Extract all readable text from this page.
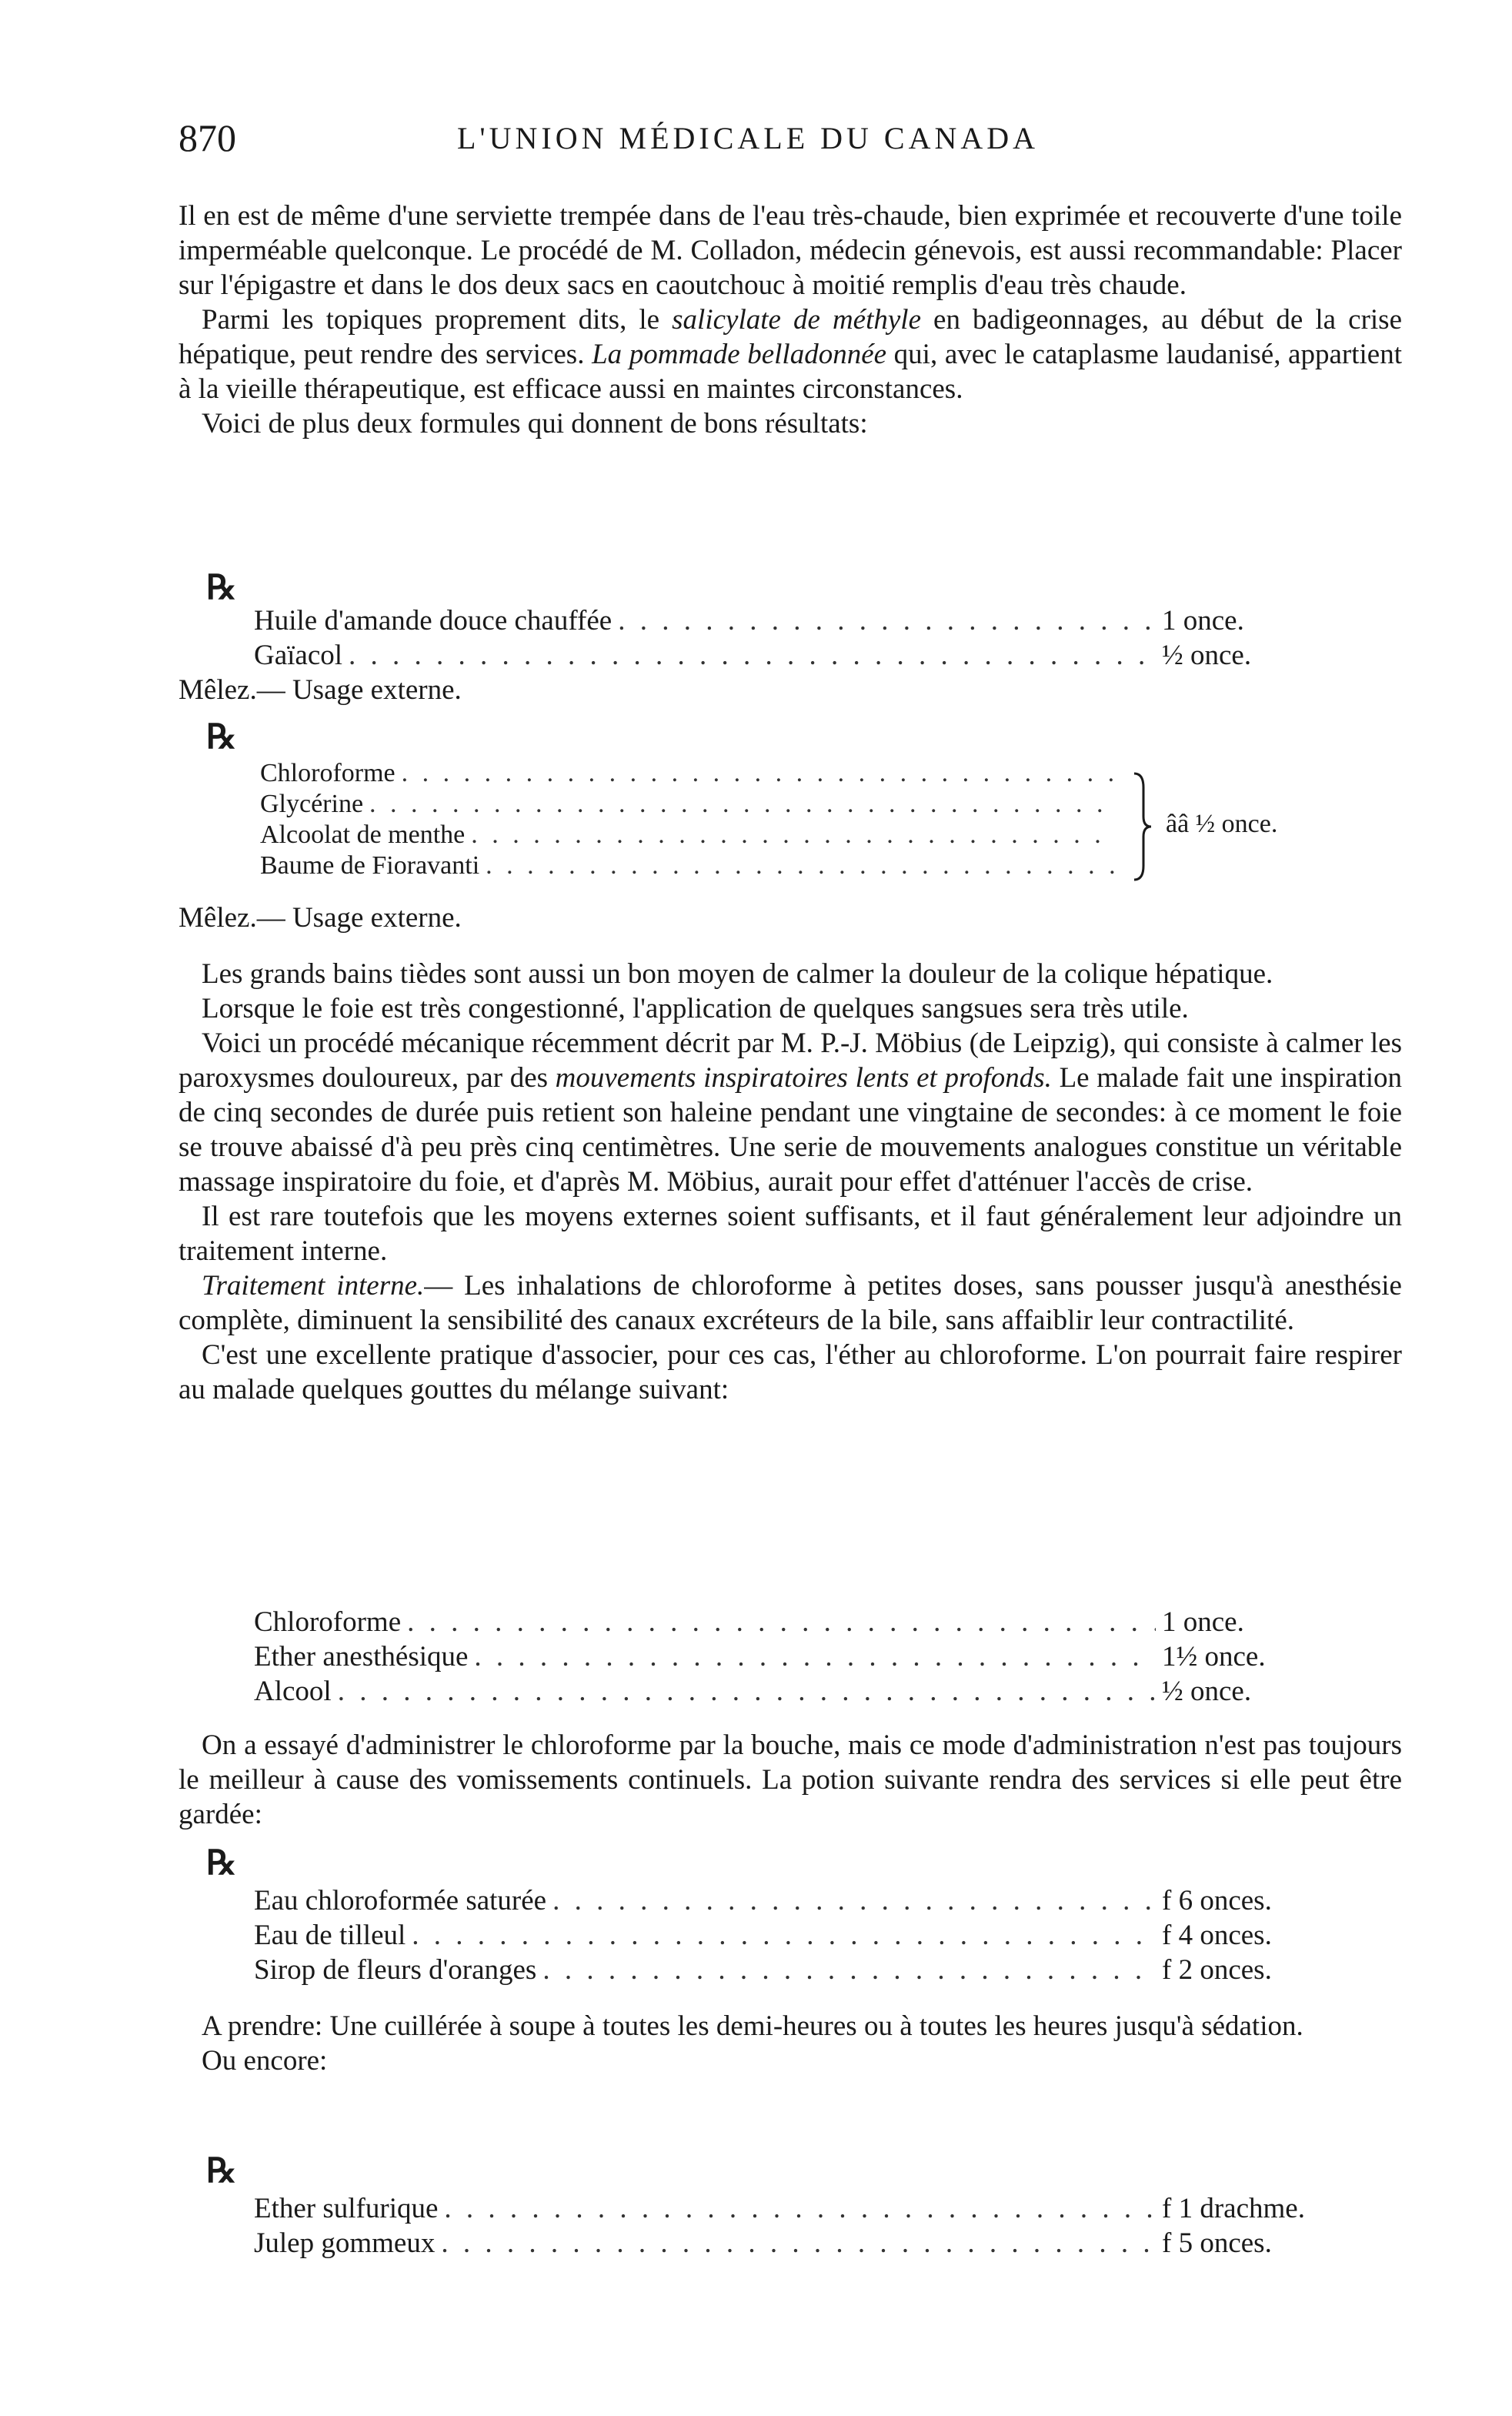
870	L'UNION MÉDICALE DU CANADA

Il en est de même d'une serviette trempée dans de l'eau très-chaude, bien exprimée et recouverte d'une toile imperméable quelconque. Le procédé de M. Colladon, médecin génevois, est aussi recommandable: Placer sur l'épigastre et dans le dos deux sacs en caoutchouc à moitié remplis d'eau très chaude.

Parmi les topiques proprement dits, le salicylate de méthyle en badigeonnages, au début de la crise hépatique, peut rendre des services. La pommade belladonnée qui, avec le cataplasme laudanisé, appartient à la vieille thérapeutique, est efficace aussi en maintes circonstances.

Voici de plus deux formules qui donnent de bons résultats:

℞
Huile d'amande douce chauffée . . .	1 once.
Gaïacol . . .	½ once.
Mêlez.— Usage externe.
℞
Chloroforme
. . .
Glycérine
. . .
Alcoolat de menthe
. . .
Baume de Fioravanti
. . .
ââ ½ once.
Mêlez.— Usage externe.

Les grands bains tièdes sont aussi un bon moyen de calmer la douleur de la colique hépatique.

Lorsque le foie est très congestionné, l'application de quelques sangsues sera très utile.

Voici un procédé mécanique récemment décrit par M. P.-J. Möbius (de Leipzig), qui consiste à calmer les paroxysmes douloureux, par des mouvements inspiratoires lents et profonds. Le malade fait une inspiration de cinq secondes de durée puis retient son haleine pendant une vingtaine de secondes: à ce moment le foie se trouve abaissé d'à peu près cinq centimètres. Une serie de mouvements analogues constitue un véritable massage inspiratoire du foie, et d'après M. Möbius, aurait pour effet d'atténuer l'accès de crise.

Il est rare toutefois que les moyens externes soient suffisants, et il faut généralement leur adjoindre un traitement interne.

Traitement interne.— Les inhalations de chloroforme à petites doses, sans pousser jusqu'à anesthésie complète, diminuent la sensibilité des canaux excréteurs de la bile, sans affaiblir leur contractilité.

C'est une excellente pratique d'associer, pour ces cas, l'éther au chloroforme. L'on pourrait faire respirer au malade quelques gouttes du mélange suivant:

Chloroforme . . .	1 once.
Ether anesthésique . . .	1½ once.
Alcool . . .	½ once.

On a essayé d'administrer le chloroforme par la bouche, mais ce mode d'administration n'est pas toujours le meilleur à cause des vomissements continuels. La potion suivante rendra des services si elle peut être gardée:

℞
Eau chloroformée saturée . . .	f 6 onces.
Eau de tilleul . . .	f 4 onces.
Sirop de fleurs d'oranges . . .	f 2 onces.

A prendre: Une cuillérée à soupe à toutes les demi-heures ou à toutes les heures jusqu'à sédation.

Ou encore:

℞
Ether sulfurique . . .	f 1 drachme.
Julep gommeux . . .	f 5 onces.
